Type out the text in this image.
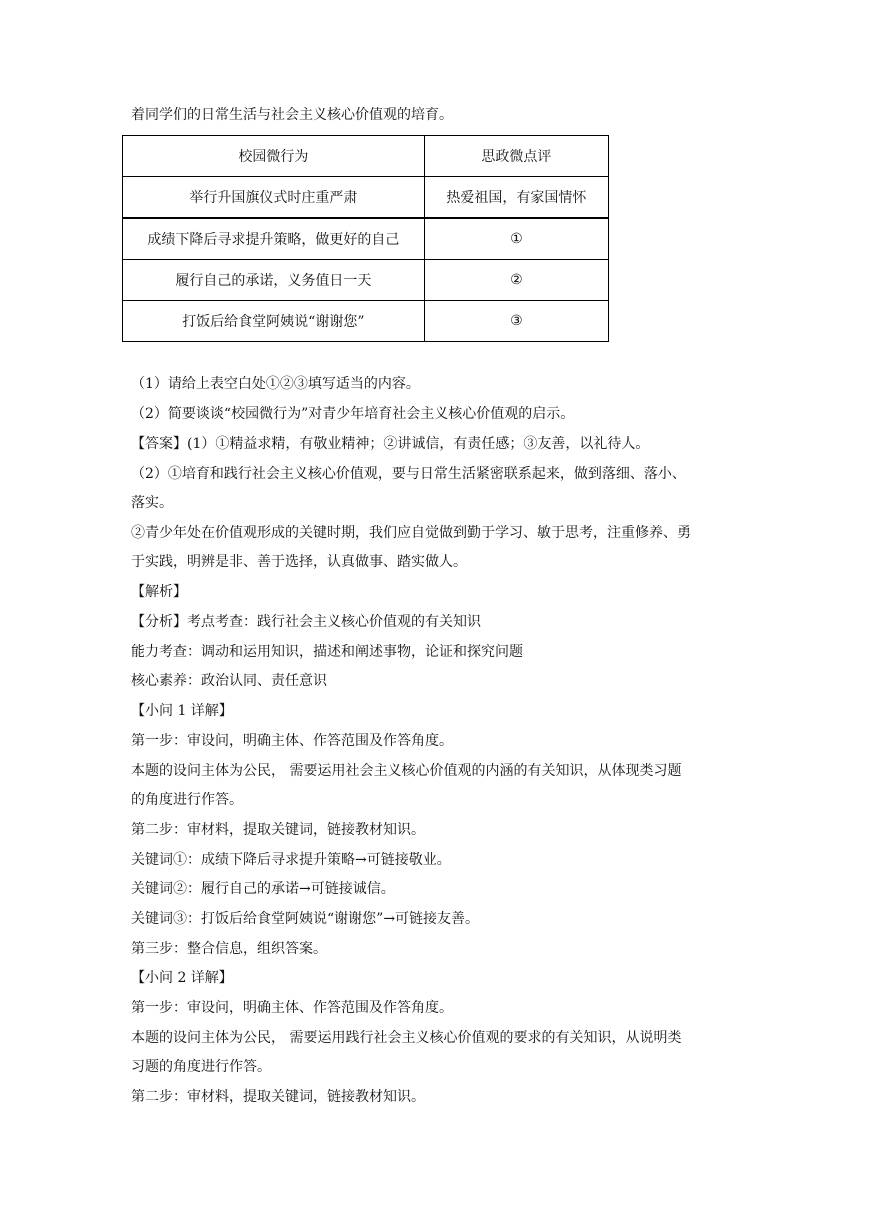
着同学们的日常生活与社会主义核心价值观的培育。
校园微行为	思政微点评
举行升国旗仪式时庄重严肃	热爱祖国，有家国情怀
成绩下降后寻求提升策略，做更好的自己	①
履行自己的承诺，义务值日一天	②
打饭后给食堂阿姨说“谢谢您”	③
（1）请给上表空白处①②③填写适当的内容。
（2）简要谈谈“校园微行为”对青少年培育社会主义核心价值观的启示。
【答案】(1）①精益求精，有敬业精神；②讲诚信，有责任感；③友善，以礼待人。
（2）①培育和践行社会主义核心价值观，要与日常生活紧密联系起来，做到落细、落小、
落实。
②青少年处在价值观形成的关键时期，我们应自觉做到勤于学习、敏于思考，注重修养、勇
于实践，明辨是非、善于选择，认真做事、踏实做人。
【解析】
【分析】考点考查：践行社会主义核心价值观的有关知识
能力考查：调动和运用知识，描述和阐述事物，论证和探究问题
核心素养：政治认同、责任意识
【小问 1 详解】
第一步：审设问，明确主体、作答范围及作答角度。
本题的设问主体为公民， 需要运用社会主义核心价值观的内涵的有关知识，从体现类习题
的角度进行作答。
第二步：审材料，提取关键词，链接教材知识。
关键词①：成绩下降后寻求提升策略→可链接敬业。
关键词②：履行自己的承诺→可链接诚信。
关键词③：打饭后给食堂阿姨说“谢谢您”→可链接友善。
第三步：整合信息，组织答案。
【小问 2 详解】
第一步：审设问，明确主体、作答范围及作答角度。
本题的设问主体为公民， 需要运用践行社会主义核心价值观的要求的有关知识，从说明类
习题的角度进行作答。
第二步：审材料，提取关键词，链接教材知识。
